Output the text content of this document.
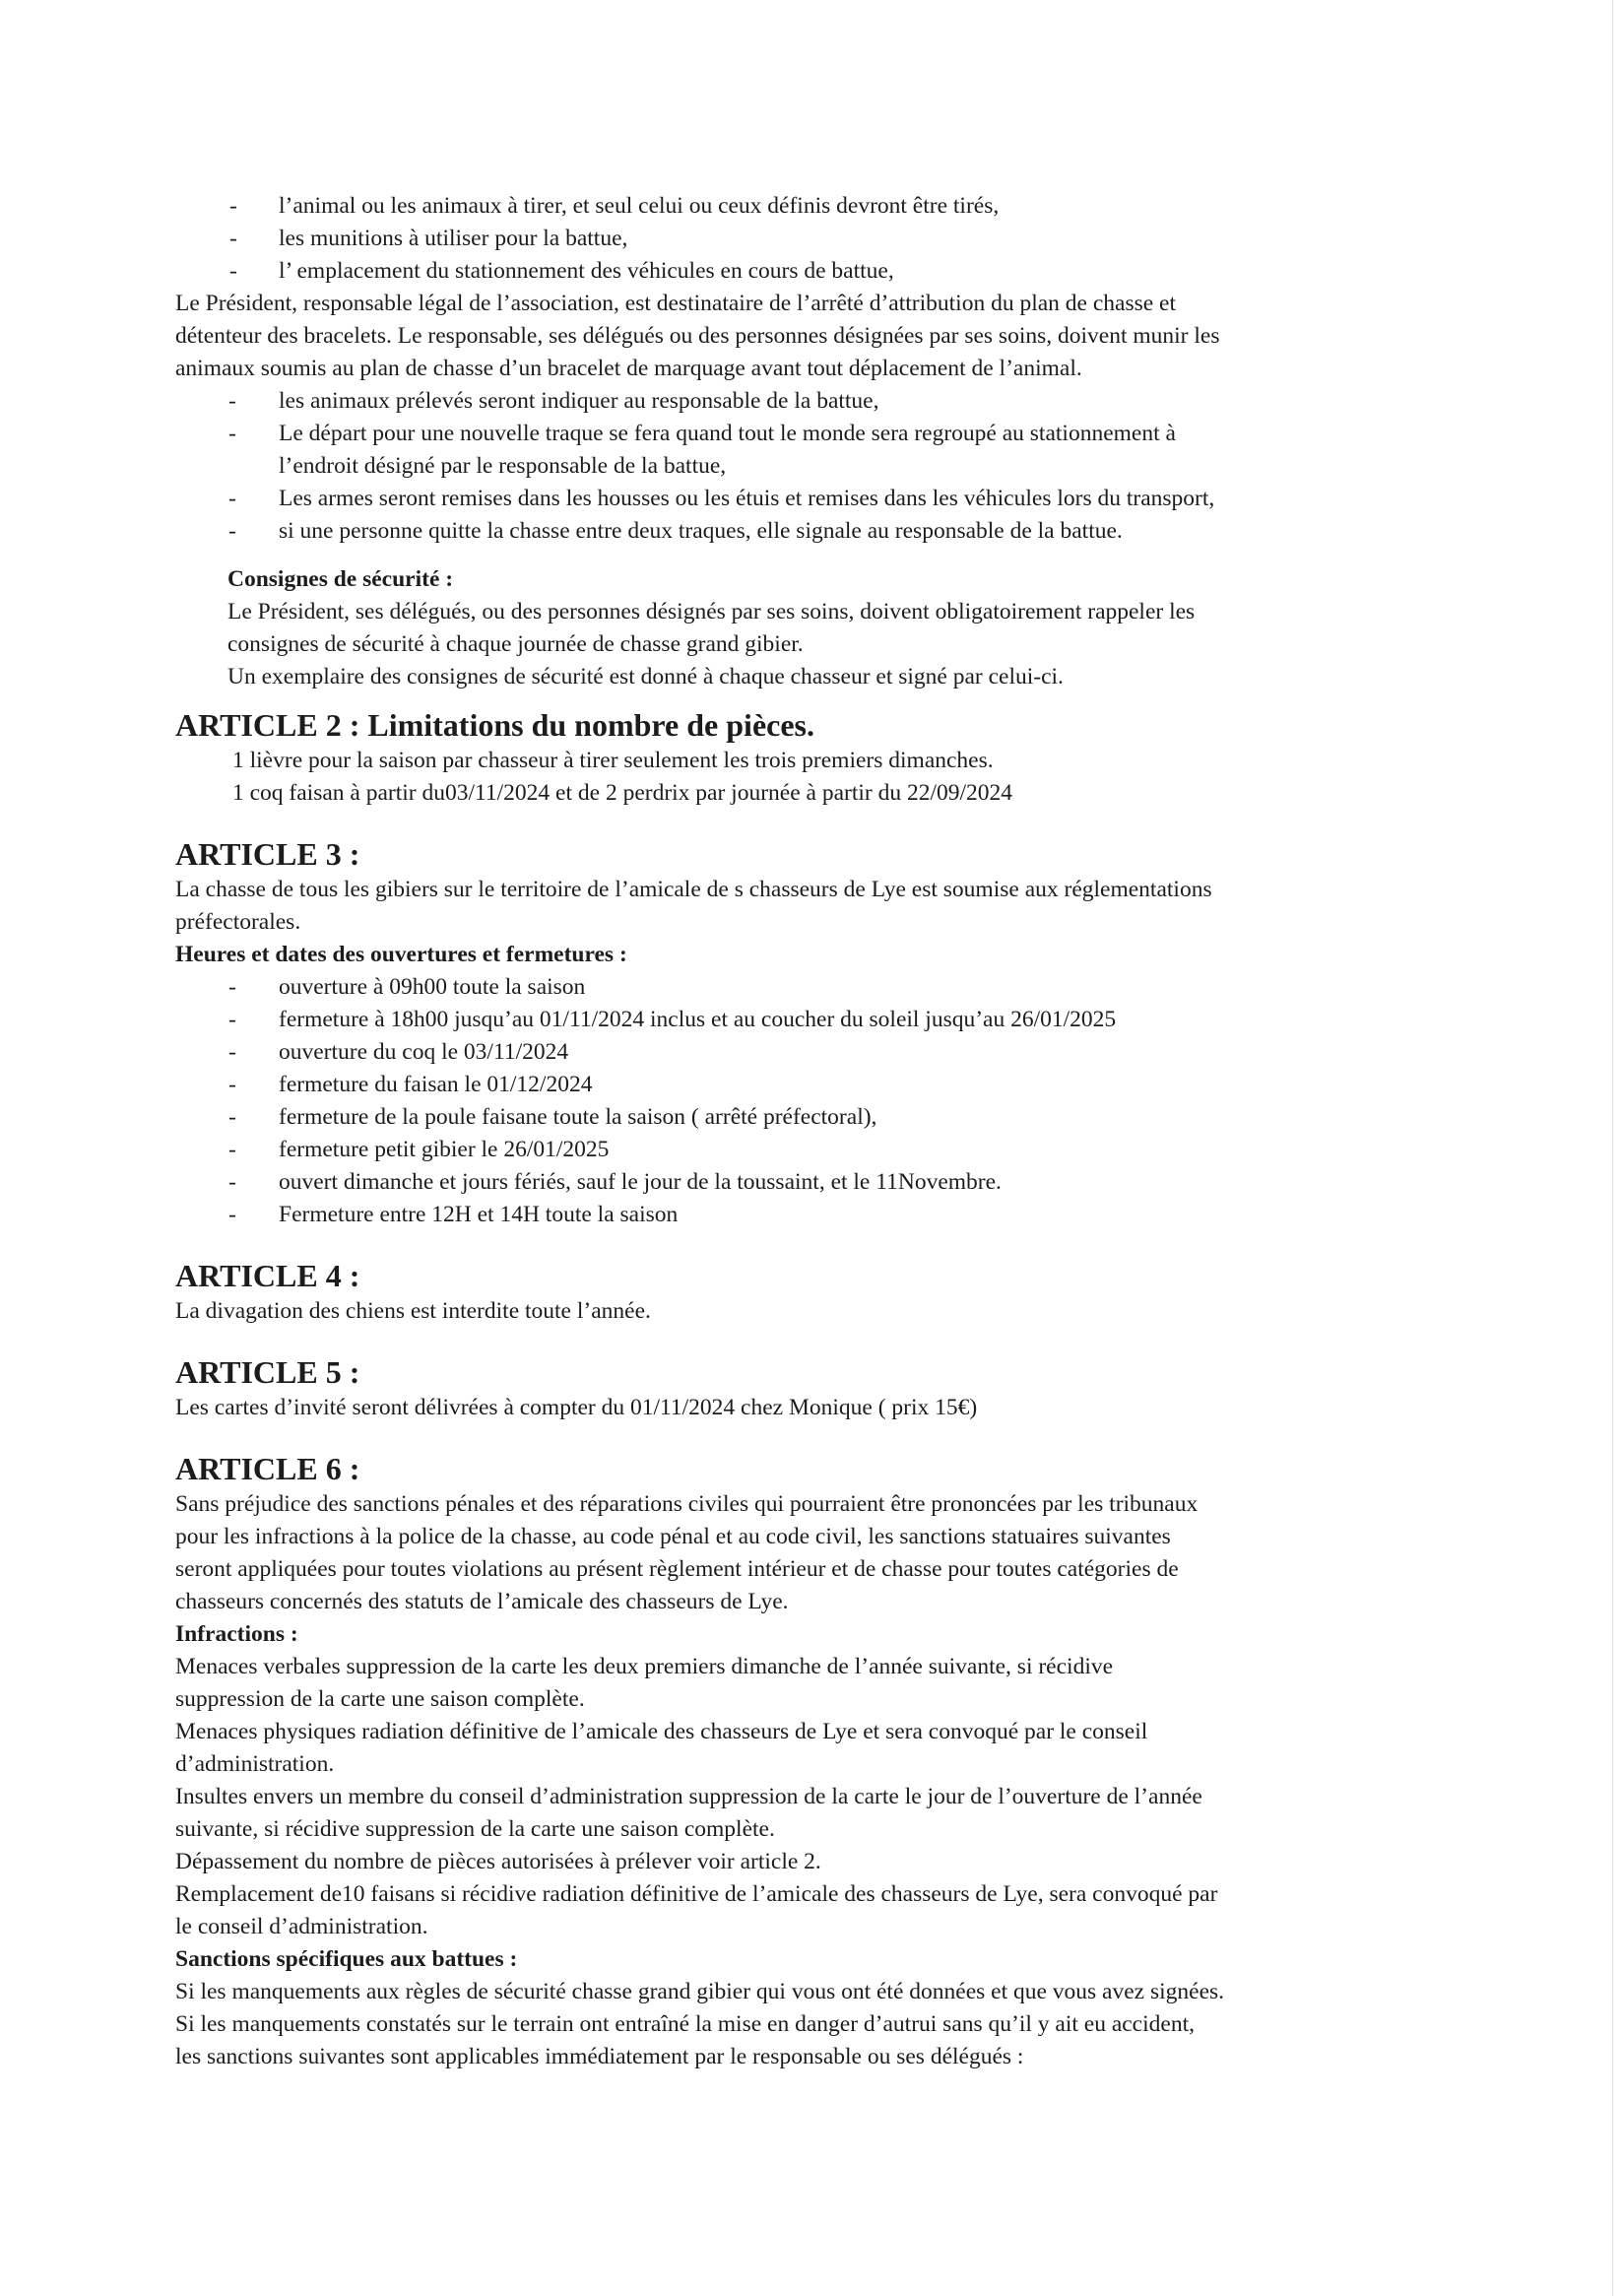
- l’animal ou les animaux à tirer, et seul celui ou ceux définis devront être tirés,

- les munitions à utiliser pour la battue,

- l’ emplacement du stationnement des véhicules en cours de battue,

Le Président, responsable légal de l’association, est destinataire de l’arrêté d’attribution du plan de chasse et

détenteur des bracelets. Le responsable, ses délégués ou des personnes désignées par ses soins, doivent munir les

animaux soumis au plan de chasse d’un bracelet de marquage avant tout déplacement de l’animal.

- les animaux prélevés seront indiquer au responsable de la battue,

- Le départ pour une nouvelle traque se fera quand tout le monde sera regroupé au stationnement à

l’endroit désigné par le responsable de la battue,

- Les armes seront remises dans les housses ou les étuis et remises dans les véhicules lors du transport,

- si une personne quitte la chasse entre deux traques, elle signale au responsable de la battue.

Consignes de sécurité :

Le Président, ses délégués, ou des personnes désignés par ses soins, doivent obligatoirement rappeler les

consignes de sécurité à chaque journée de chasse grand gibier.

Un exemplaire des consignes de sécurité est donné à chaque chasseur et signé par celui-ci.

ARTICLE 2 : Limitations du nombre de pièces.

1 lièvre pour la saison par chasseur à tirer seulement les trois premiers dimanches.

1 coq faisan à partir du03/11/2024 et de 2 perdrix par journée à partir du 22/09/2024

ARTICLE 3 :

La chasse de tous les gibiers sur le territoire de l’amicale de s chasseurs de Lye est soumise aux réglementations

préfectorales.

Heures et dates des ouvertures et fermetures :

- ouverture à 09h00 toute la saison

- fermeture à 18h00 jusqu’au 01/11/2024 inclus et au coucher du soleil jusqu’au 26/01/2025

- ouverture du coq le 03/11/2024

- fermeture du faisan le 01/12/2024

- fermeture de la poule faisane toute la saison ( arrêté préfectoral),

- fermeture petit gibier le 26/01/2025

- ouvert dimanche et jours fériés, sauf le jour de la toussaint, et le 11Novembre.

- Fermeture entre 12H et 14H toute la saison

ARTICLE 4 :

La divagation des chiens est interdite toute l’année.

ARTICLE 5 :

Les cartes d’invité seront délivrées à compter du 01/11/2024 chez Monique ( prix 15€)

ARTICLE 6 :

Sans préjudice des sanctions pénales et des réparations civiles qui pourraient être prononcées par les tribunaux

pour les infractions à la police de la chasse, au code pénal et au code civil, les sanctions statuaires suivantes

seront appliquées pour toutes violations au présent règlement intérieur et de chasse pour toutes catégories de

chasseurs concernés des statuts de l’amicale des chasseurs de Lye.

Infractions :

Menaces verbales suppression de la carte les deux premiers dimanche de l’année suivante, si récidive

suppression de la carte une saison complète.

Menaces physiques radiation définitive de l’amicale des chasseurs de Lye et sera convoqué par le conseil

d’administration.

Insultes envers un membre du conseil d’administration suppression de la carte le jour de l’ouverture de l’année

suivante, si récidive suppression de la carte une saison complète.

Dépassement du nombre de pièces autorisées à prélever voir article 2.

Remplacement de10 faisans si récidive radiation définitive de l’amicale des chasseurs de Lye, sera convoqué par

le conseil d’administration.

Sanctions spécifiques aux battues :

Si les manquements aux règles de sécurité chasse grand gibier qui vous ont été données et que vous avez signées.

Si les manquements constatés sur le terrain ont entraîné la mise en danger d’autrui sans qu’il y ait eu accident,

les sanctions suivantes sont applicables immédiatement par le responsable ou ses délégués :
